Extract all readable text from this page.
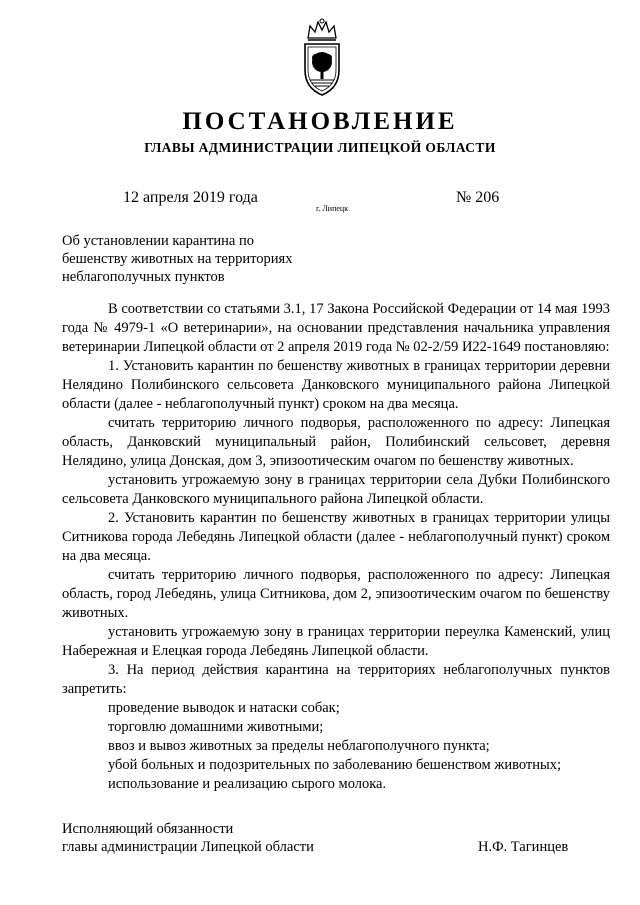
ПОСТАНОВЛЕНИЕ
ГЛАВЫ АДМИНИСТРАЦИИ ЛИПЕЦКОЙ ОБЛАСТИ
12 апреля 2019 года
г. Липецк
№ 206
Об установлении карантина по
бешенству животных на территориях
неблагополучных пунктов

В соответствии со статьями 3.1, 17 Закона Российской Федерации от 14 мая 1993 года № 4979-1 «О ветеринарии», на основании представления начальника управления ветеринарии Липецкой области от 2 апреля 2019 года № 02-2/59 И22-1649 постановляю:

1. Установить карантин по бешенству животных в границах территории деревни Нелядино Полибинского сельсовета Данковского муниципального района Липецкой области (далее - неблагополучный пункт) сроком на два месяца.

считать территорию личного подворья, расположенного по адресу: Липецкая область, Данковский муниципальный район, Полибинский сельсовет, деревня Нелядино, улица Донская, дом 3, эпизоотическим очагом по бешенству животных.

установить угрожаемую зону в границах территории села Дубки Полибинского сельсовета Данковского муниципального района Липецкой области.

2. Установить карантин по бешенству животных в границах территории улицы Ситникова города Лебедянь Липецкой области (далее - неблагополучный пункт) сроком на два месяца.

считать территорию личного подворья, расположенного по адресу: Липецкая область, город Лебедянь, улица Ситникова, дом 2, эпизоотическим очагом по бешенству животных.

установить угрожаемую зону в границах территории переулка Каменский, улиц Набережная и Елецкая города Лебедянь Липецкой области.

3. На период действия карантина на территориях неблагополучных пунктов запретить:

проведение выводок и натаски собак;

торговлю домашними животными;

ввоз и вывоз животных за пределы неблагополучного пункта;

убой больных и подозрительных по заболеванию бешенством животных;

использование и реализацию сырого молока.

Исполняющий обязанности
главы администрации Липецкой области	Н.Ф. Тагинцев
